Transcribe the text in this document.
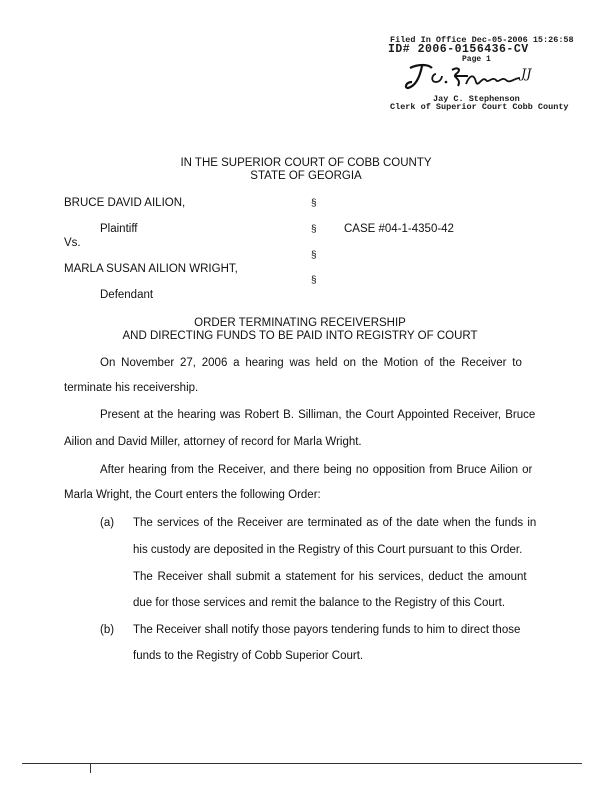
Filed In Office Dec-05-2006 15:26:58
ID# 2006-0156436-CV
Page 1
JJ
Jay C. Stephenson
Clerk of Superior Court Cobb County
IN THE SUPERIOR COURT OF COBB COUNTY
STATE OF GEORGIA
BRUCE DAVID AILION,	§
Plaintiff	§ CASE #04-1-4350-42
Vs.
§
MARLA SUSAN AILION WRIGHT,
§
Defendant
ORDER TERMINATING RECEIVERSHIP
AND DIRECTING FUNDS TO BE PAID INTO REGISTRY OF COURT
On November 27, 2006 a hearing was held on the Motion of the Receiver to
terminate his receivership.
Present at the hearing was Robert B. Silliman, the Court Appointed Receiver, Bruce
Ailion and David Miller, attorney of record for Marla Wright.
After hearing from the Receiver, and there being no opposition from Bruce Ailion or
Marla Wright, the Court enters the following Order:
(a) The services of the Receiver are terminated as of the date when the funds in
his custody are deposited in the Registry of this Court pursuant to this Order.
The Receiver shall submit a statement for his services, deduct the amount
due for those services and remit the balance to the Registry of this Court.
(b) The Receiver shall notify those payors tendering funds to him to direct those
funds to the Registry of Cobb Superior Court.
